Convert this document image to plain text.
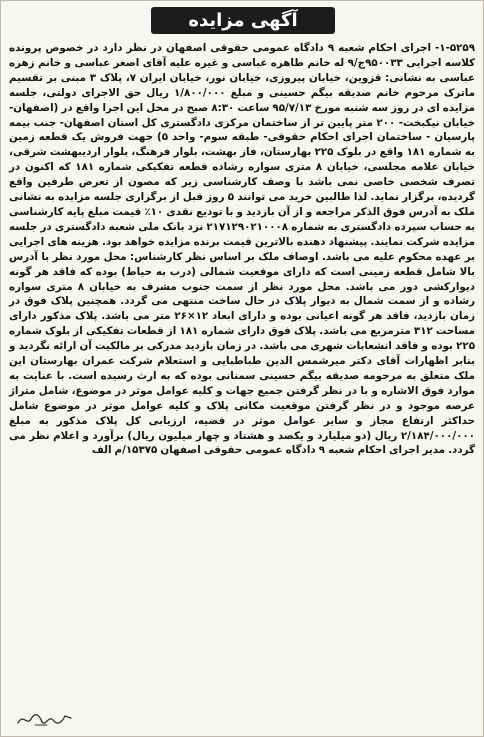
آگهی مزایده

۱-۵۲۵۹- اجرای احکام شعبه ۹ دادگاه عمومی حقوقی اصفهان در نظر دارد در خصوص پرونده کلاسه اجرایی ۹۵۰۰۳۳ج/۹ له خانم طاهره عباسی و غیره علیه آقای اصغر عباسی و خانم زهره عباسی به نشانی: قزوین، خیابان پیروزی، خیابان نور، خیابان ایران ۷، پلاک ۳ مبنی بر تقسیم ماترک مرحوم خانم صدیقه بیگم حسینی و مبلغ ۱/۸۰۰/۰۰۰ ریال حق الاجرای دولتی، جلسه مزایده ای در روز سه شنبه مورخ ۹۵/۷/۱۳ ساعت ۸:۳۰ صبح در محل این اجرا واقع در (اصفهان- خیابان نیکبخت- ۲۰۰ متر پایین تر از ساختمان مرکزی دادگستری کل استان اصفهان- جنب بیمه پارسیان - ساختمان اجرای احکام حقوقی- طبقه سوم- واحد ۵) جهت فروش یک قطعه زمین به شماره ۱۸۱ واقع در بلوک ۲۲۵ بهارستان، فاز بهشت، بلوار فرهنگ، بلوار اردیبهشت شرقی، خیابان علامه مجلسی، خیابان ۸ متری سواره رشاده قطعه تفکیکی شماره ۱۸۱ که اکنون در تصرف شخصی خاصی نمی باشد با وصف کارشناسی زیر که مصون از تعرض طرفین واقع گردیده، برگزار نماید. لذا طالبین خرید می توانند ۵ روز قبل از برگزاری جلسه مزایده به نشانی ملک به آدرس فوق الذکر مراجعه و از آن بازدید و با تودیع نقدی ۱۰٪ قیمت مبلغ پایه کارشناسی به حساب سپرده دادگستری به شماره ۲۱۷۱۲۹۰۲۱۰۰۰۸ نزد بانک ملی شعبه دادگستری در جلسه مزایده شرکت نمایند. پیشنهاد دهنده بالاترین قیمت برنده مزایده خواهد بود. هزینه های اجرایی بر عهده محکوم علیه می باشد. اوصاف ملک بر اساس نظر کارشناس: محل مورد نظر با آدرس بالا شامل قطعه زمینی است که دارای موقعیت شمالی (درب به حیاط) بوده که فاقد هر گونه دیوارکشی دور می باشد. محل مورد نظر از سمت جنوب مشرف به خیابان ۸ متری سواره رشاده و از سمت شمال به دیوار پلاک در حال ساخت منتهی می گردد. همچنین پلاک فوق در زمان بازدید، فاقد هر گونه اعیانی بوده و دارای ابعاد ۱۲×۲۶ متر می باشد. پلاک مذکور دارای مساحت ۳۱۲ مترمربع می باشد. پلاک فوق دارای شماره ۱۸۱ از قطعات تفکیکی از بلوک شماره ۲۲۵ بوده و فاقد انشعابات شهری می باشد. در زمان بازدید مدرکی بر مالکیت آن ارائه نگردید و بنابر اظهارات آقای دکتر میرشمس الدین طباطبایی و استعلام شرکت عمران بهارستان این ملک متعلق به مرحومه صدیقه بیگم حسینی سمنانی بوده که به ارث رسیده است. با عنایت به موارد فوق الاشاره و با در نظر گرفتن جمیع جهات و کلیه عوامل موثر در موضوع، شامل متراژ عرصه موجود و در نظر گرفتن موقعیت مکانی پلاک و کلیه عوامل موثر در موضوع شامل حداکثر ارتفاع مجاز و سایر عوامل موثر در قضیه، ارزیابی کل پلاک مذکور به مبلغ ۲/۱۸۴/۰۰۰/۰۰۰ ریال (دو میلیارد و یکصد و هشتاد و چهار میلیون ریال) برآورد و اعلام نظر می گردد. مدیر اجرای احکام شعبه ۹ دادگاه عمومی حقوقی اصفهان ۱۵۳۷۵/م الف
